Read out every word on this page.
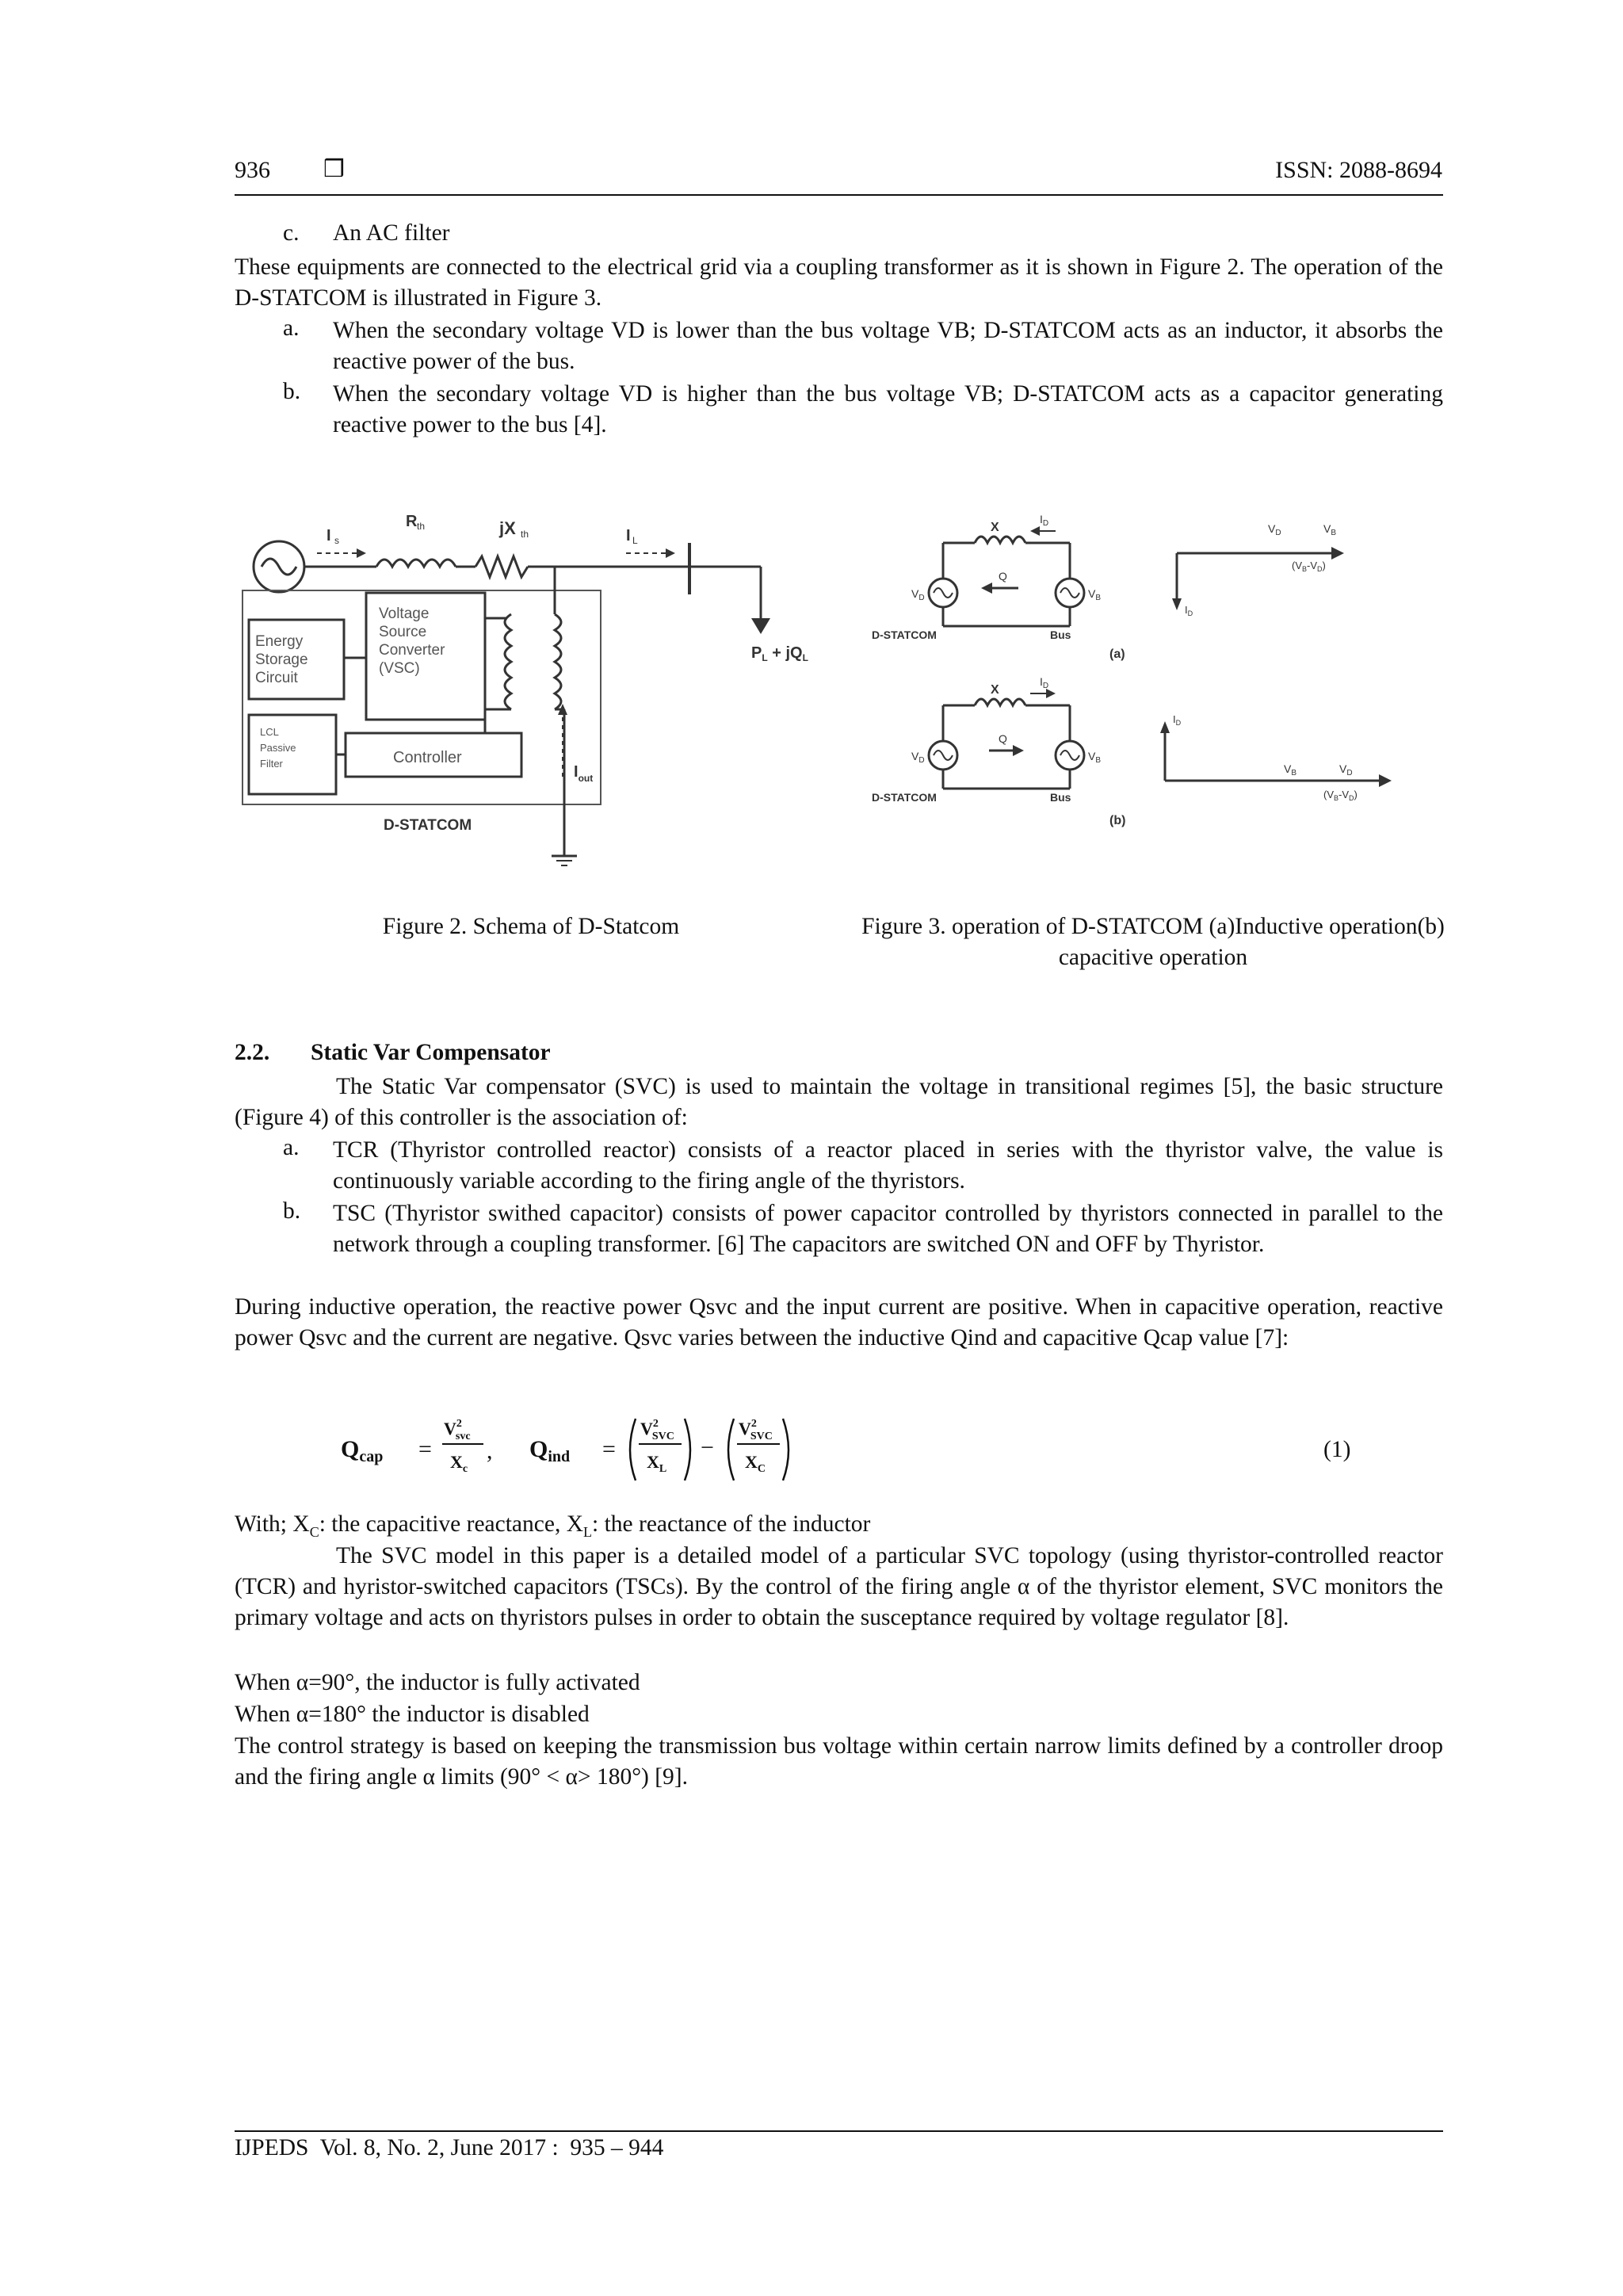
936 ❒	ISSN: 2088-8694
c. An AC filter
These equipments are connected to the electrical grid via a coupling transformer as it is shown in Figure 2. The operation of the D-STATCOM is illustrated in Figure 3.
a. When the secondary voltage VD is lower than the bus voltage VB; D-STATCOM acts as an inductor, it absorbs the reactive power of the bus.
b. When the secondary voltage VD is higher than the bus voltage VB; D-STATCOM acts as a capacitor generating reactive power to the bus [4].
I s
R th	jX th	I L
$P_L + jQ_L$
Voltage
Source
Converter
(VSC)
Energy
Storage
Circuit
LCL
Passive
Filter	Controller
$I_{out}$
D-STATCOM
X
$I_D$
Q
$V_D$	$V_B$
D-STATCOM	Bus
(a)
$V_D$	$V_B$
$(V_B-V_D)$
$I_D$
X
$I_D$
Q
$V_D$	$V_B$
D-STATCOM	Bus
(b)
$V_B$	$V_D$
$(V_B-V_D)$
$I_D$
Figure 2. Schema of D-Statcom	Figure 3. operation of D-STATCOM (a)Inductive operation(b) capacitive operation
2.2. Static Var Compensator
The Static Var compensator (SVC) is used to maintain the voltage in transitional regimes [5], the basic structure (Figure 4) of this controller is the association of:
a. TCR (Thyristor controlled reactor) consists of a reactor placed in series with the thyristor valve, the value is continuously variable according to the firing angle of the thyristors.
b. TSC (Thyristor swithed capacitor) consists of power capacitor controlled by thyristors connected in parallel to the network through a coupling transformer. [6] The capacitors are switched ON and OFF by Thyristor.
During inductive operation, the reactive power Qsvc and the input current are positive. When in capacitive operation, reactive power Qsvc and the current are negative. Qsvc varies between the inductive Qind and capacitive Qcap value [7]:
$Q_{cap}$ =
$V^2$ svc
$X_c$
, $Q_{ind}$ =
$V^2$ SVC
$X_L$
−
$V^2$ SVC
$X_C$
(1)
With; $X_C$: the capacitive reactance, $X_L$: the reactance of the inductor
The SVC model in this paper is a detailed model of a particular SVC topology (using thyristor-controlled reactor (TCR) and hyristor-switched capacitors (TSCs). By the control of the firing angle α of the thyristor element, SVC monitors the primary voltage and acts on thyristors pulses in order to obtain the susceptance required by voltage regulator [8].
When α=90°, the inductor is fully activated
When α=180° the inductor is disabled
The control strategy is based on keeping the transmission bus voltage within certain narrow limits defined by a controller droop and the firing angle α limits (90° < α> 180°) [9].
IJPEDS  Vol. 8, No. 2, June 2017 :  935 – 944
